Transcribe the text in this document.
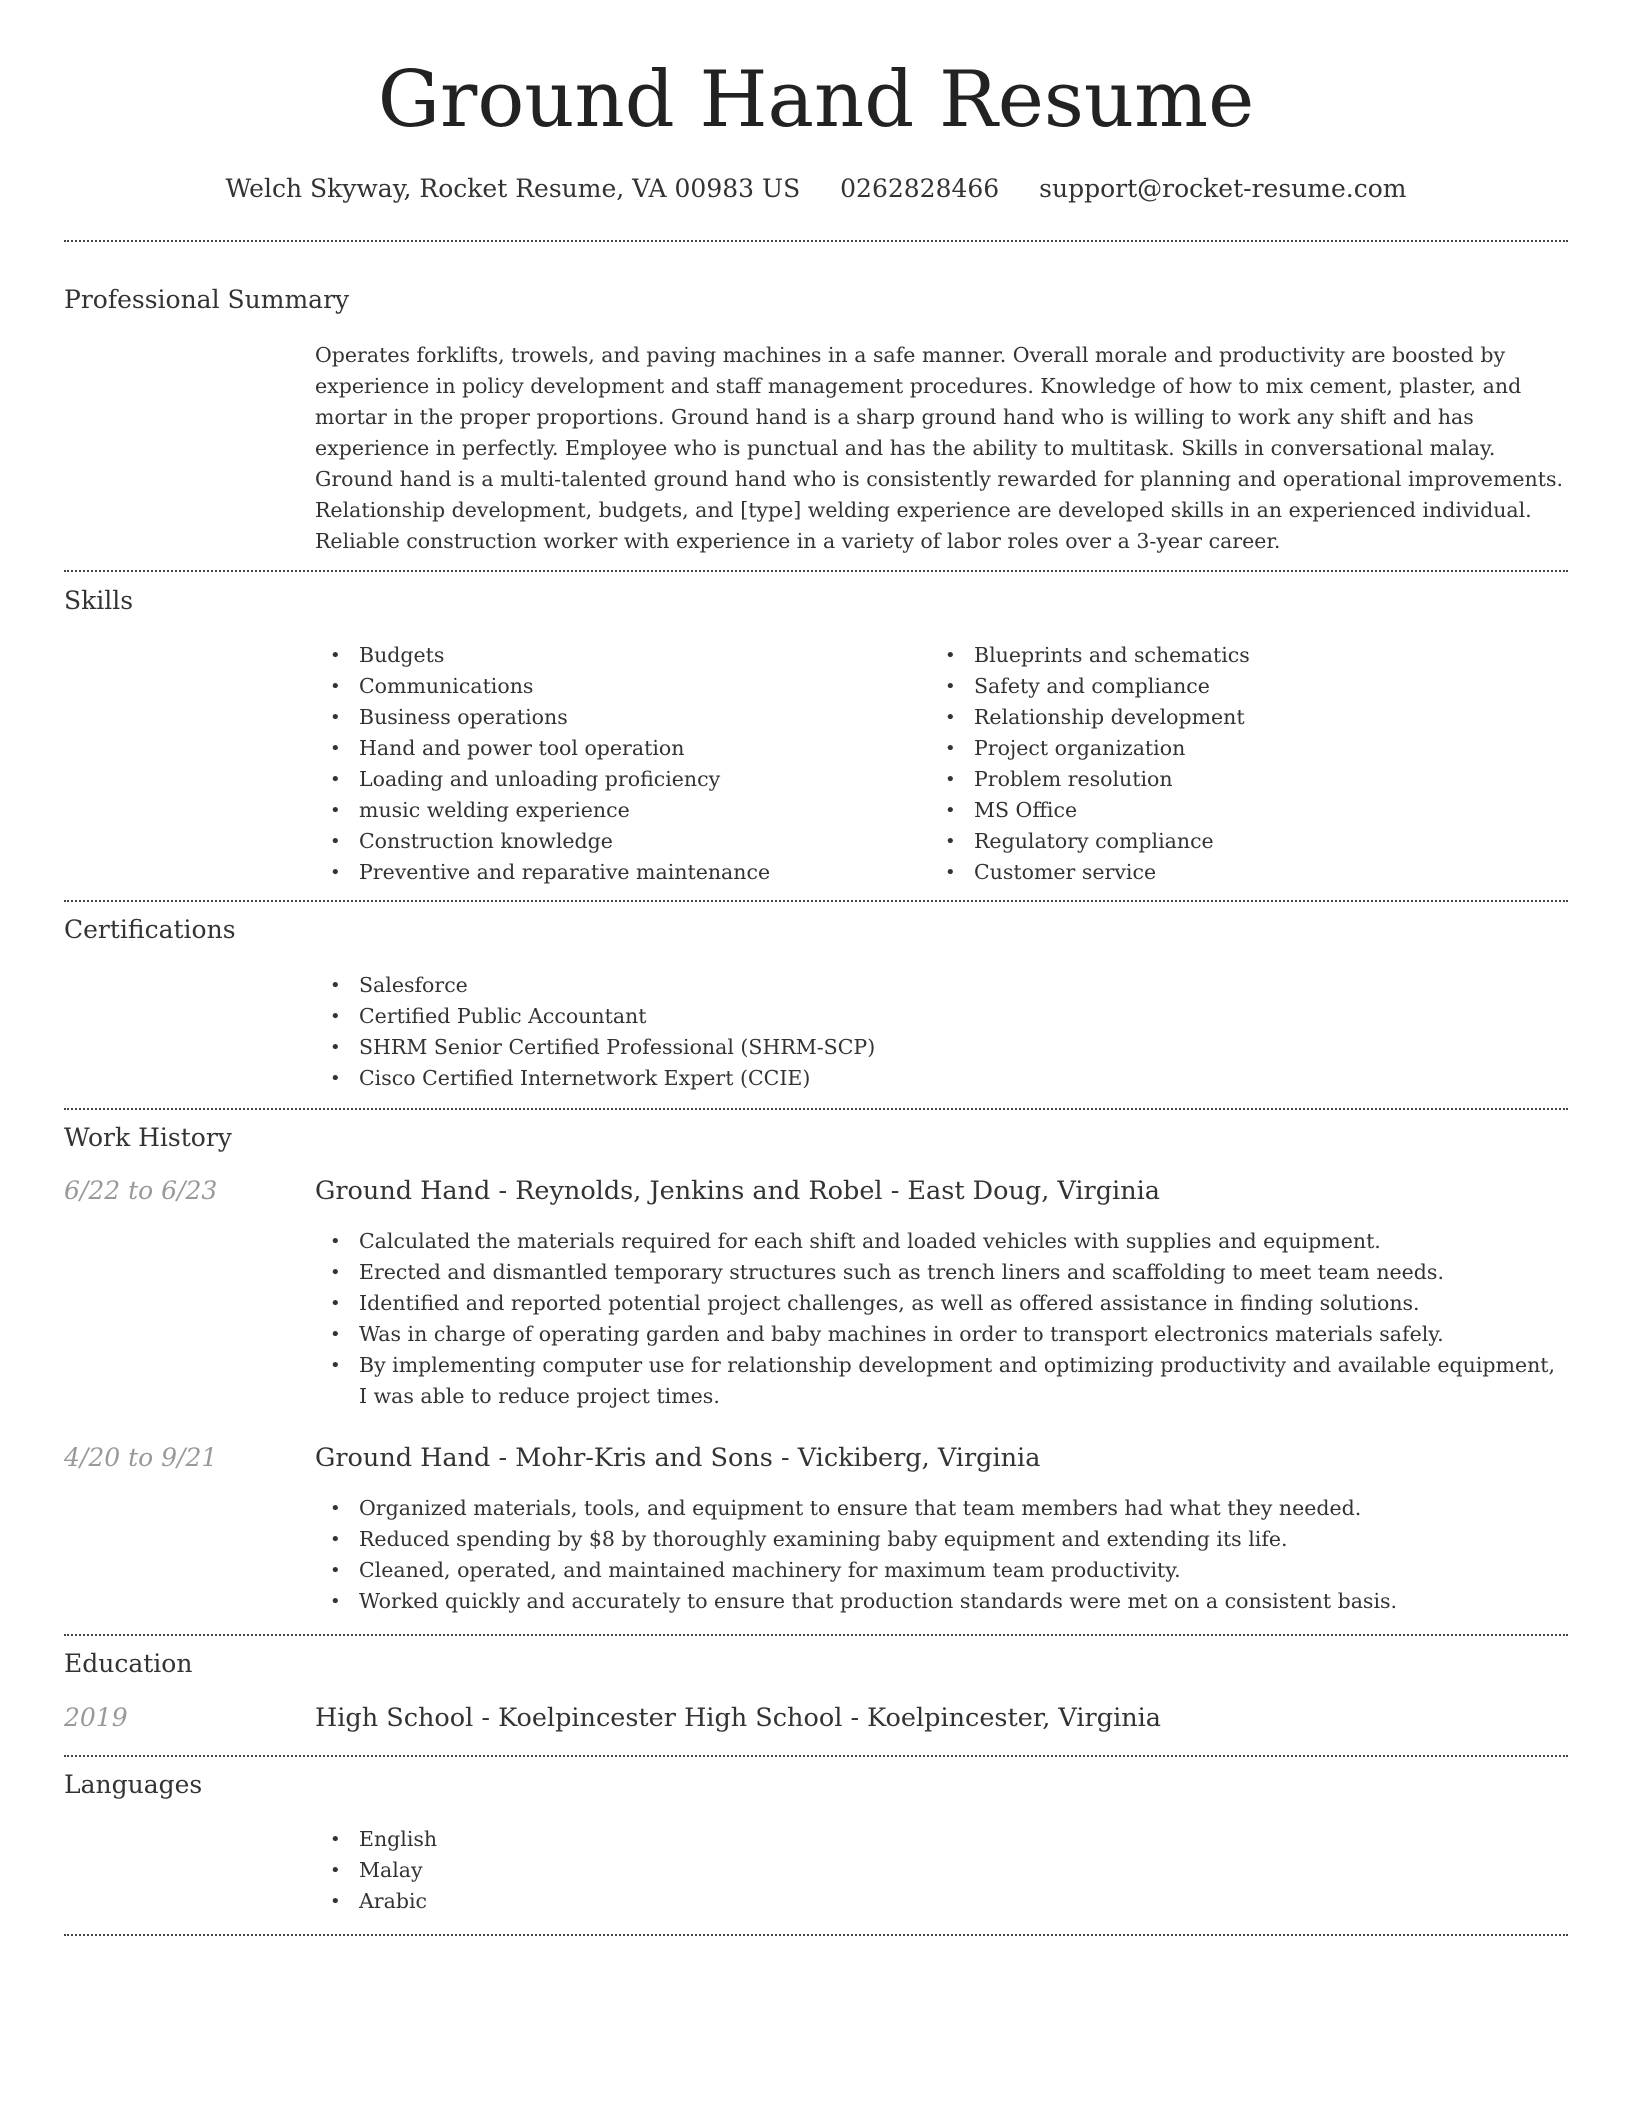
Ground Hand Resume
Welch Skyway, Rocket Resume, VA 00983 US 0262828466 support@rocket-resume.com
Professional Summary

Operates forklifts, trowels, and paving machines in a safe manner. Overall morale and productivity are boosted by experience in policy development and staff management procedures. Knowledge of how to mix cement, plaster, and mortar in the proper proportions. Ground hand is a sharp ground hand who is willing to work any shift and has experience in perfectly. Employee who is punctual and has the ability to multitask. Skills in conversational malay. Ground hand is a multi-talented ground hand who is consistently rewarded for planning and operational improvements. Relationship development, budgets, and [type] welding experience are developed skills in an experienced individual. Reliable construction worker with experience in a variety of labor roles over a 3-year career.

Skills
• Budgets
• Communications
• Business operations
• Hand and power tool operation
• Loading and unloading proficiency
• music welding experience
• Construction knowledge
• Preventive and reparative maintenance
• Blueprints and schematics
• Safety and compliance
• Relationship development
• Project organization
• Problem resolution
• MS Office
• Regulatory compliance
• Customer service
Certifications
• Salesforce
• Certified Public Accountant
• SHRM Senior Certified Professional (SHRM-SCP)
• Cisco Certified Internetwork Expert (CCIE)
Work History
6/22 to 6/23	Ground Hand - Reynolds, Jenkins and Robel - East Doug, Virginia
• Calculated the materials required for each shift and loaded vehicles with supplies and equipment.
• Erected and dismantled temporary structures such as trench liners and scaffolding to meet team needs.
• Identified and reported potential project challenges, as well as offered assistance in finding solutions.
• Was in charge of operating garden and baby machines in order to transport electronics materials safely.
• By implementing computer use for relationship development and optimizing productivity and available equipment, I was able to reduce project times.
4/20 to 9/21	Ground Hand - Mohr-Kris and Sons - Vickiberg, Virginia
• Organized materials, tools, and equipment to ensure that team members had what they needed.
• Reduced spending by $8 by thoroughly examining baby equipment and extending its life.
• Cleaned, operated, and maintained machinery for maximum team productivity.
• Worked quickly and accurately to ensure that production standards were met on a consistent basis.
Education
2019	High School - Koelpincester High School - Koelpincester, Virginia
Languages
• English
• Malay
• Arabic
